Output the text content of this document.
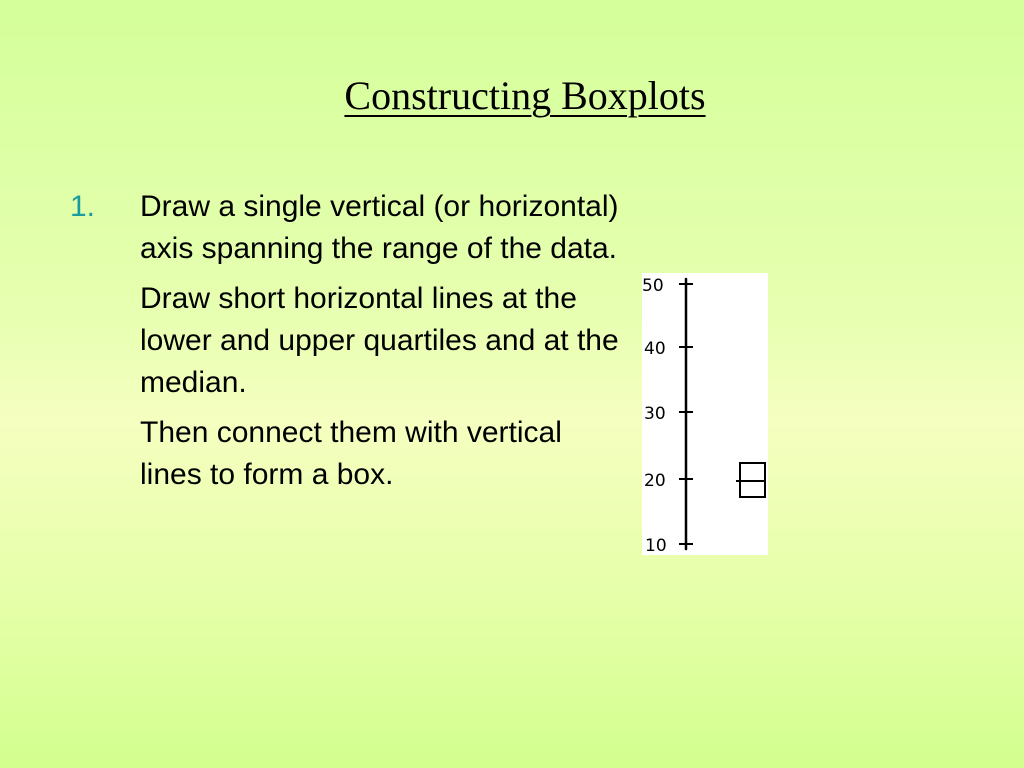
Constructing Boxplots
1.	Draw a single vertical (or horizontal) axis spanning the range of the data.

Draw short horizontal lines at the lower and upper quartiles and at the median.

Then connect them with vertical lines to form a box.

50
40
30
20
10
